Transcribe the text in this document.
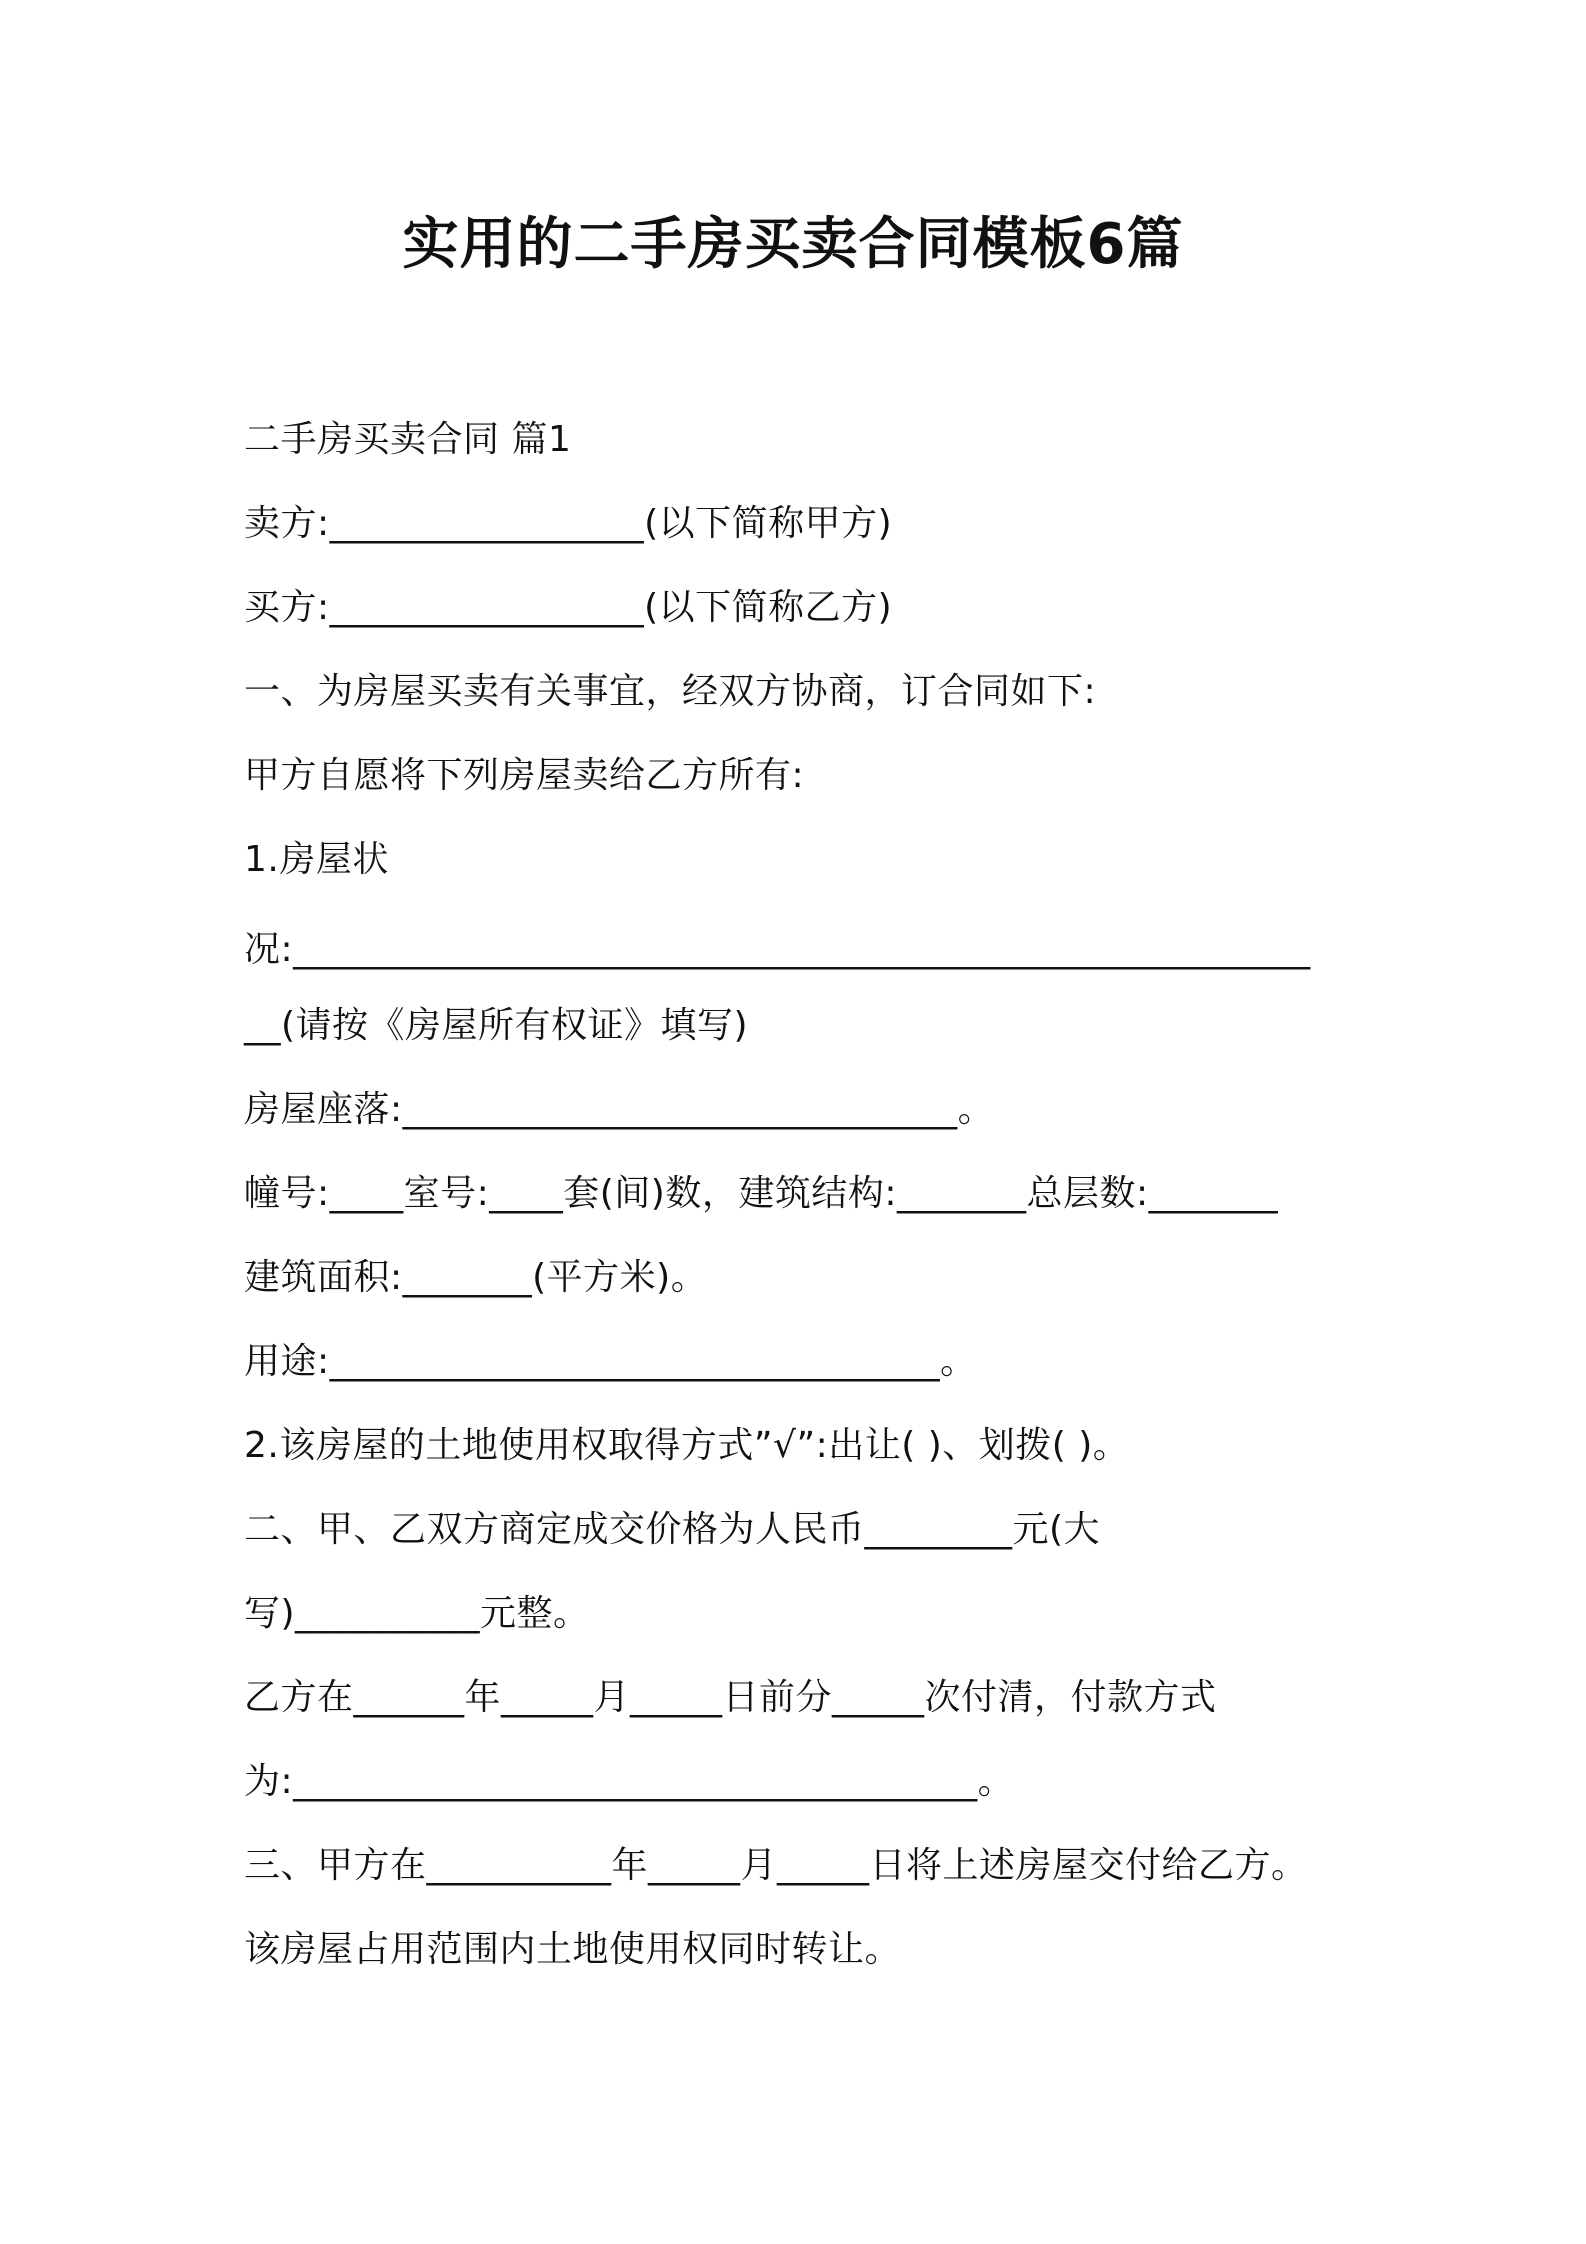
实用的二手房买卖合同模板6篇
二手房买卖合同 篇1
卖方:_________________(以下简称甲方)
买方:_________________(以下简称乙方)
一、为房屋买卖有关事宜，经双方协商，订合同如下:
甲方自愿将下列房屋卖给乙方所有:
1.房屋状
况:_______________________________________________________
__(请按《房屋所有权证》填写)
房屋座落:______________________________。
幢号:____室号:____套(间)数，建筑结构:_______总层数:_______
建筑面积:_______(平方米)。
用途:_________________________________。
2.该房屋的土地使用权取得方式”√”:出让( )、划拨( )。
二、甲、乙双方商定成交价格为人民币________元(大
写)__________元整。
乙方在______年_____月_____日前分_____次付清，付款方式
为:_____________________________________。
三、甲方在__________年_____月_____日将上述房屋交付给乙方。
该房屋占用范围内土地使用权同时转让。
